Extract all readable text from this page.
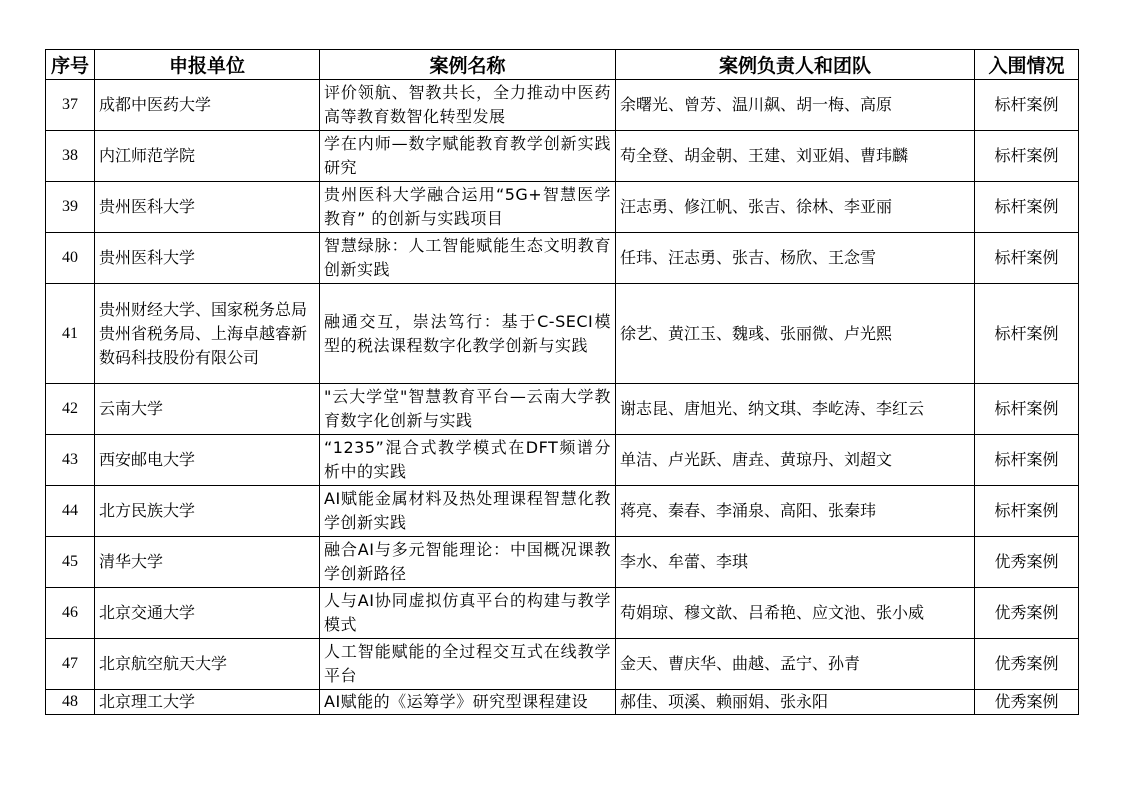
序号	申报单位	案例名称	案例负责人和团队	入围情况
37	成都中医药大学	评价领航、智教共长，全力推动中医药高等教育数智化转型发展	余曙光、曾芳、温川飙、胡一梅、高原	标杆案例
38	内江师范学院	学在内师—数字赋能教育教学创新实践研究	苟全登、胡金朝、王建、刘亚娟、曹玮麟	标杆案例
39	贵州医科大学	贵州医科大学融合运用“5G+智慧医学教育” 的创新与实践项目	汪志勇、修江帆、张吉、徐林、李亚丽	标杆案例
40	贵州医科大学	智慧绿脉：人工智能赋能生态文明教育创新实践	任玮、汪志勇、张吉、杨欣、王念雪	标杆案例
41	贵州财经大学、国家税务总局贵州省税务局、上海卓越睿新数码科技股份有限公司	融通交互，崇法笃行：基于C-SECI模型的税法课程数字化教学创新与实践	徐艺、黄江玉、魏彧、张丽微、卢光熙	标杆案例
42	云南大学	"云大学堂"智慧教育平台—云南大学教育数字化创新与实践	谢志昆、唐旭光、纳文琪、李屹涛、李红云	标杆案例
43	西安邮电大学	“1235”混合式教学模式在DFT频谱分析中的实践	单洁、卢光跃、唐垚、黄琼丹、刘超文	标杆案例
44	北方民族大学	AI赋能金属材料及热处理课程智慧化教学创新实践	蒋亮、秦春、李涌泉、高阳、张秦玮	标杆案例
45	清华大学	融合AI与多元智能理论：中国概况课教学创新路径	李水、牟蕾、李琪	优秀案例
46	北京交通大学	人与AI协同虚拟仿真平台的构建与教学模式	苟娟琼、穆文歆、吕希艳、应文池、张小威	优秀案例
47	北京航空航天大学	人工智能赋能的全过程交互式在线教学平台	金天、曹庆华、曲越、孟宁、孙青	优秀案例
48	北京理工大学	AI赋能的《运筹学》研究型课程建设	郝佳、项溪、赖丽娟、张永阳	优秀案例
